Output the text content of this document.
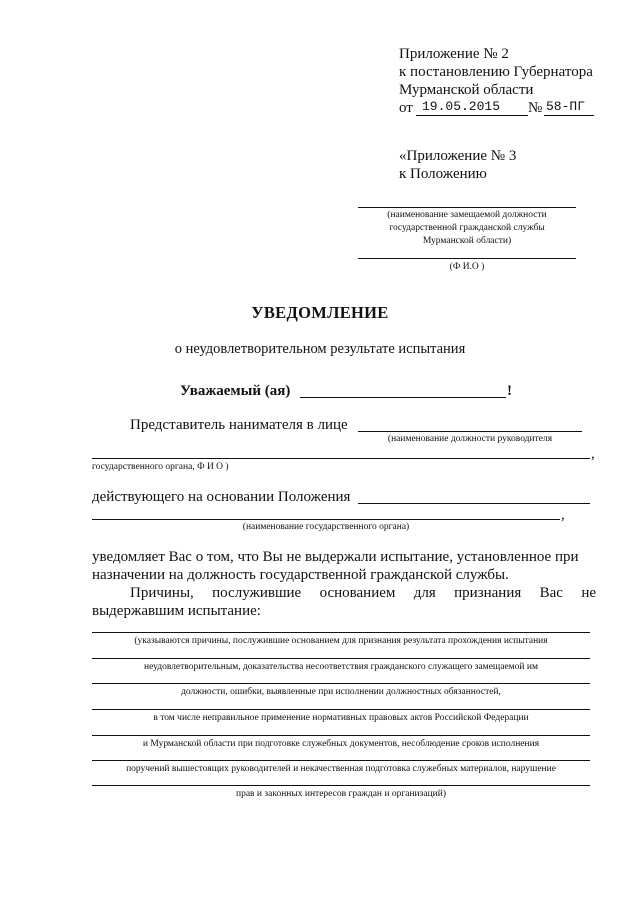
Приложение № 2
к постановлению Губернатора
Мурманской области
от 19.05.2015 № 58-ПГ
«Приложение № 3
к Положению
(наименование замещаемой должности
государственной гражданской службы
Мурманской области)
(Ф И.О )
УВЕДОМЛЕНИЕ
о неудовлетворительном результате испытания
Уважаемый (ая)	!
Представитель нанимателя в лице
(наименование должности руководителя
,
государственного органа, Ф И О )
действующего на основании Положения
,
(наименование государственного органа)
уведомляет Вас о том, что Вы не выдержали испытание, установленное при
назначении на должность государственной гражданской службы.
Причины, послужившие основанием для признания Вас не
выдержавшим испытание:
(указываются причины, послужившие основанием для признания результата прохождения испытания
неудовлетворительным, доказательства несоответствия гражданского служащего замещаемой им
должности, ошибки, выявленные при исполнении должностных обязанностей,
в том числе неправильное применение нормативных правовых актов Российской Федерации
и Мурманской области при подготовке служебных документов, несоблюдение сроков исполнения
поручений вышестоящих руководителей и некачественная подготовка служебных материалов, нарушение
прав и законных интересов граждан и организаций)
